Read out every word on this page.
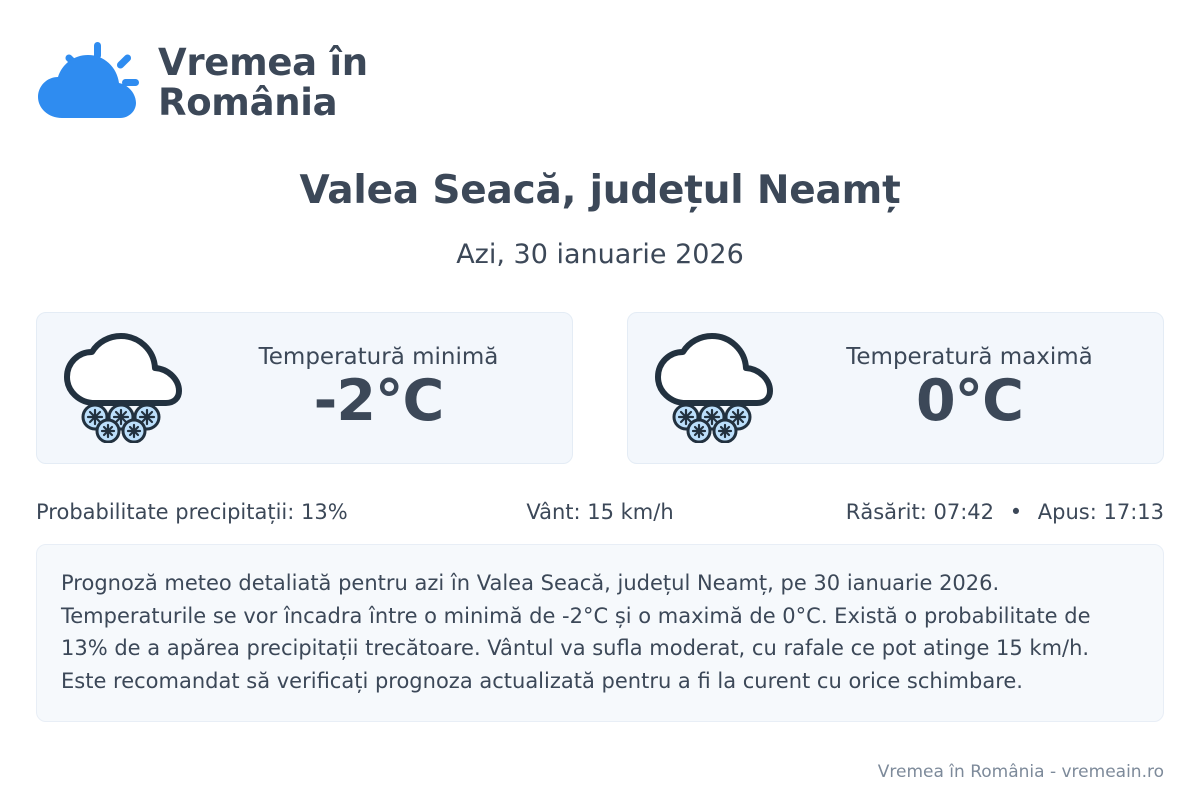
Vremea în
România
Valea Seacă, județul Neamț
Azi, 30 ianuarie 2026
Temperatură minimă
-2°C
Temperatură maximă
0°C
Probabilitate precipitații: 13%	Vânt: 15 km/h	Răsărit: 07:42 • Apus: 17:13
Prognoză meteo detaliată pentru azi în Valea Seacă, județul Neamț, pe 30 ianuarie 2026. Temperaturile se vor încadra între o minimă de -2°C și o maximă de 0°C. Există o probabilitate de 13% de a apărea precipitații trecătoare. Vântul va sufla moderat, cu rafale ce pot atinge 15 km/h. Este recomandat să verificați prognoza actualizată pentru a fi la curent cu orice schimbare.
Vremea în România - vremeain.ro
